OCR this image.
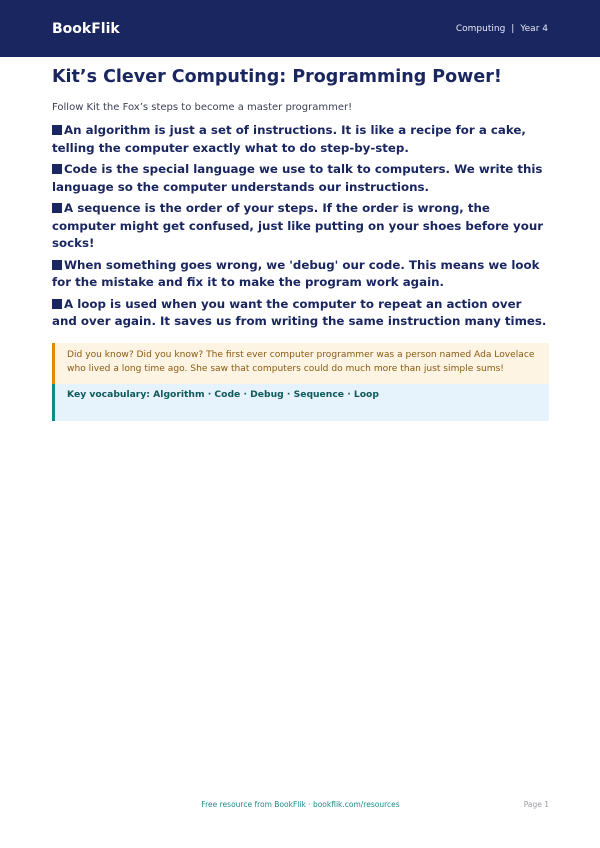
BookFlik	Computing | Year 4
Kit’s Clever Computing: Programming Power!

Follow Kit the Fox’s steps to become a master programmer!

An algorithm is just a set of instructions. It is like a recipe for a cake, telling the computer exactly what to do step-by-step.
Code is the special language we use to talk to computers. We write this language so the computer understands our instructions.
A sequence is the order of your steps. If the order is wrong, the computer might get confused, just like putting on your shoes before your socks!
When something goes wrong, we 'debug' our code. This means we look for the mistake and fix it to make the program work again.
A loop is used when you want the computer to repeat an action over and over again. It saves us from writing the same instruction many times.
Did you know? Did you know? The first ever computer programmer was a person named Ada Lovelace who lived a long time ago. She saw that computers could do much more than just simple sums!
Key vocabulary: Algorithm · Code · Debug · Sequence · Loop
Free resource from BookFlik · bookflik.com/resources	Page 1
